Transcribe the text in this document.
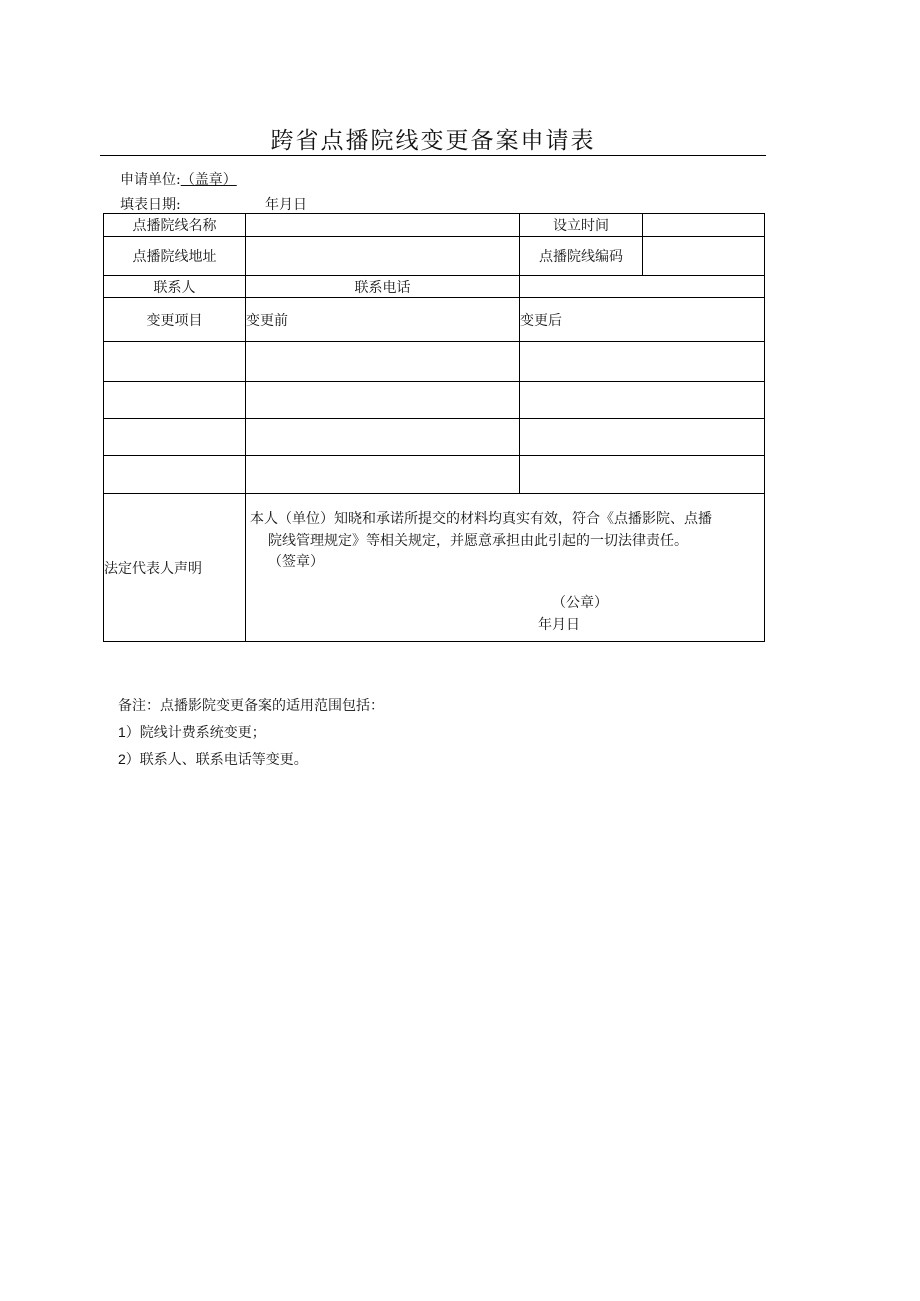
跨省点播院线变更备案申请表
申请单位:（盖章）
填表日期:	年月日
点播院线名称		设立时间	
点播院线地址		点播院线编码	
联系人	联系电话		
变更项目	变更前	变更后	

法定代表人声明	本人（单位）知晓和承诺所提交的材料均真实有效，符合《点播影院、点播
院线管理规定》等相关规定，并愿意承担由此引起的一切法律责任。
（签章）
（公章）
年月日		
备注：点播影院变更备案的适用范围包括：
1）院线计费系统变更；
2）联系人、联系电话等变更。
